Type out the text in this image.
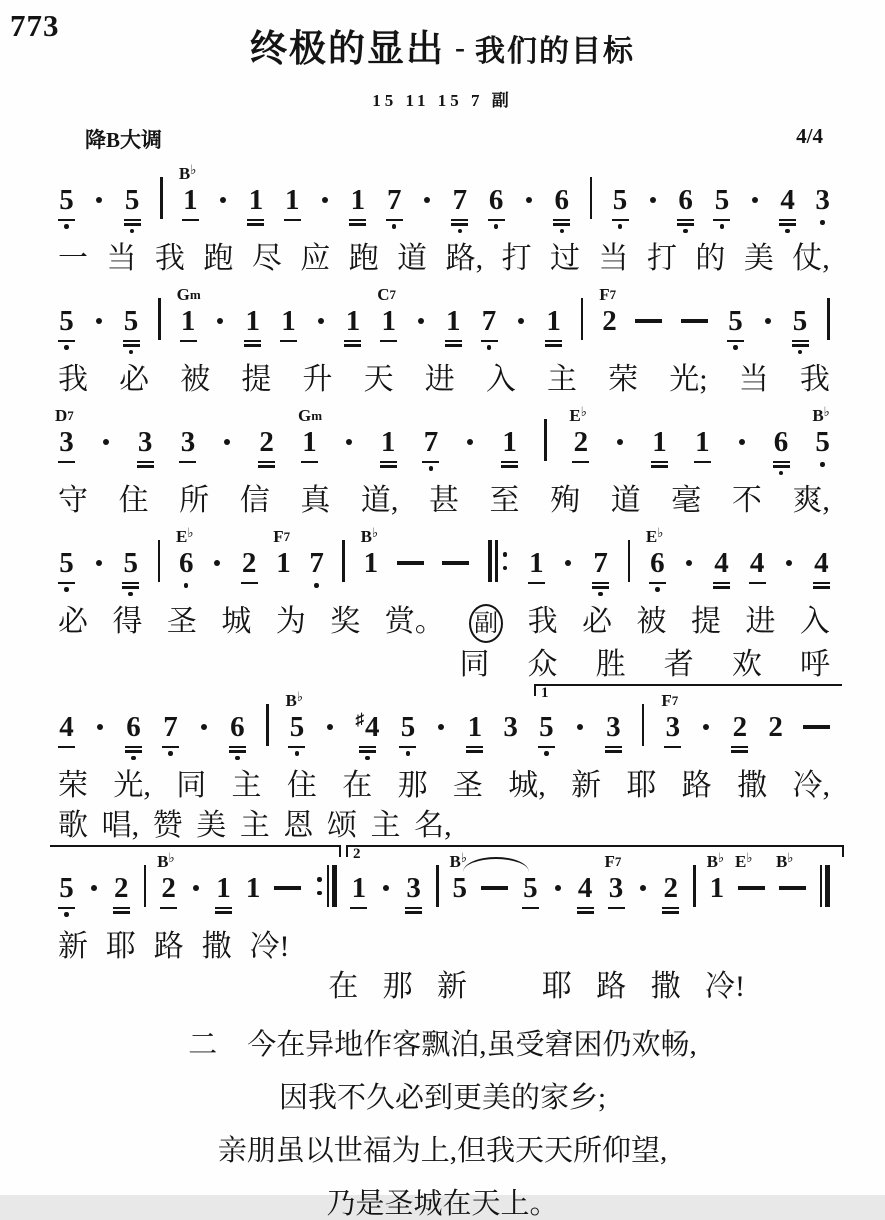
773
终极的显出 - 我们的目标
15 11 15 7 副
降B大调	4/4
5 5
B♭
1 1 1 1 7 7 6 6 5 6 5 4 3
一 当 我 跑 尽 应 跑 道 路, 打 过 当 打 的 美 仗,
5 5
Gm
1 1 1 1
C7
1 1 7 1
F7
2	5 5
我 必 被 提 升 天 进 入 主 荣 光; 当 我
D7
3 3 3 2
Gm
1 1 7 1
E♭
2 1 1 6
B♭
5
守 住 所 信 真 道, 甚 至 殉 道 毫 不 爽,
5 5
E♭
6 2
F7
1 7
B♭
1	1 7
E♭
6 4 4 4
必 得 圣 城 为 奖 赏。 副 我 必 被 提 进 入
同 众 胜 者 欢 呼
4 6 7 6
B♭
5	♯ 4 5 1 3 5 3
F7
3 2 2
荣 光, 同 主 住 在 那 圣 城, 新 耶 路 撒 冷,
歌 唱, 赞 美 主 恩 颂 主 名,
1
5 2
B♭
2 1 1	1 3
B♭
5 5 4
F7
3 2
B♭
1
E♭ B♭
新 耶 路 撒 冷!
在 那 新 耶 路 撒 冷!
2
二 今在异地作客飘泊,虽受窘困仍欢畅,
因我不久必到更美的家乡;
亲朋虽以世福为上,但我天天所仰望,
乃是圣城在天上。
